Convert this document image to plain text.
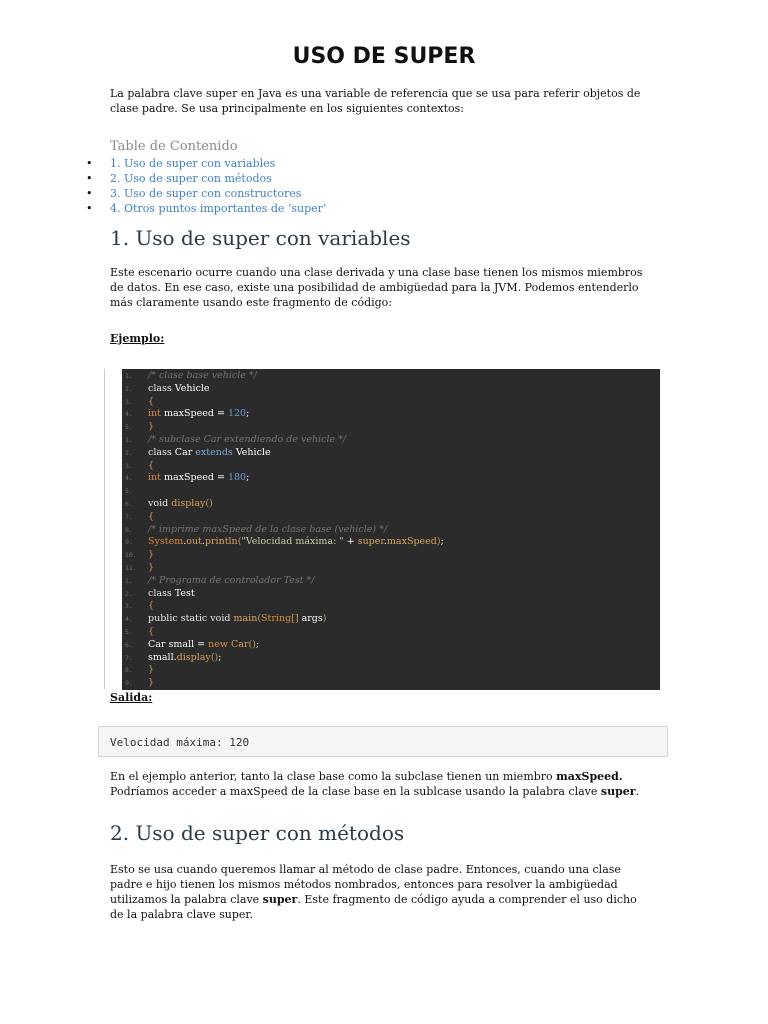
USO DE SUPER
La palabra clave super en Java es una variable de referencia que se usa para referir objetos de
clase padre. Se usa principalmente en los siguientes contextos:
Table de Contenido
• 1. Uso de super con variables
• 2. Uso de super con métodos
• 3. Uso de super con constructores
• 4. Otros puntos importantes de ‘super’
1. Uso de super con variables
Este escenario ocurre cuando una clase derivada y una clase base tienen los mismos miembros
de datos. En ese caso, existe una posibilidad de ambigüedad para la JVM. Podemos entenderlo
más claramente usando este fragmento de código:
Ejemplo:
1.	/* clase base vehicle */
2.	class Vehicle
3.	{
4.	int maxSpeed = 120;
5.	}
1.	/* subclase Car extendiendo de vehicle */
2.	class Car extends Vehicle
3.	{
4.	int maxSpeed = 180;
5.
6.	void display()
7.	{
8.	/* imprime maxSpeed de la clase base (vehicle) */
9.	System.out.println("Velocidad máxima: " + super.maxSpeed);
10.	}
11.	}
1.	/* Programa de controlador Test */
2.	class Test
3.	{
4.	public static void main(String[] args)
5.	{
6.	Car small = new Car();
7.	small.display();
8.	}
9.	}
Salida:
Velocidad máxima: 120
En el ejemplo anterior, tanto la clase base como la subclase tienen un miembro maxSpeed.
Podríamos acceder a maxSpeed de la clase base en la sublcase usando la palabra clave super.
2. Uso de super con métodos
Esto se usa cuando queremos llamar al método de clase padre. Entonces, cuando una clase
padre e hijo tienen los mismos métodos nombrados, entonces para resolver la ambigüedad
utilizamos la palabra clave super. Este fragmento de código ayuda a comprender el uso dicho
de la palabra clave super.
